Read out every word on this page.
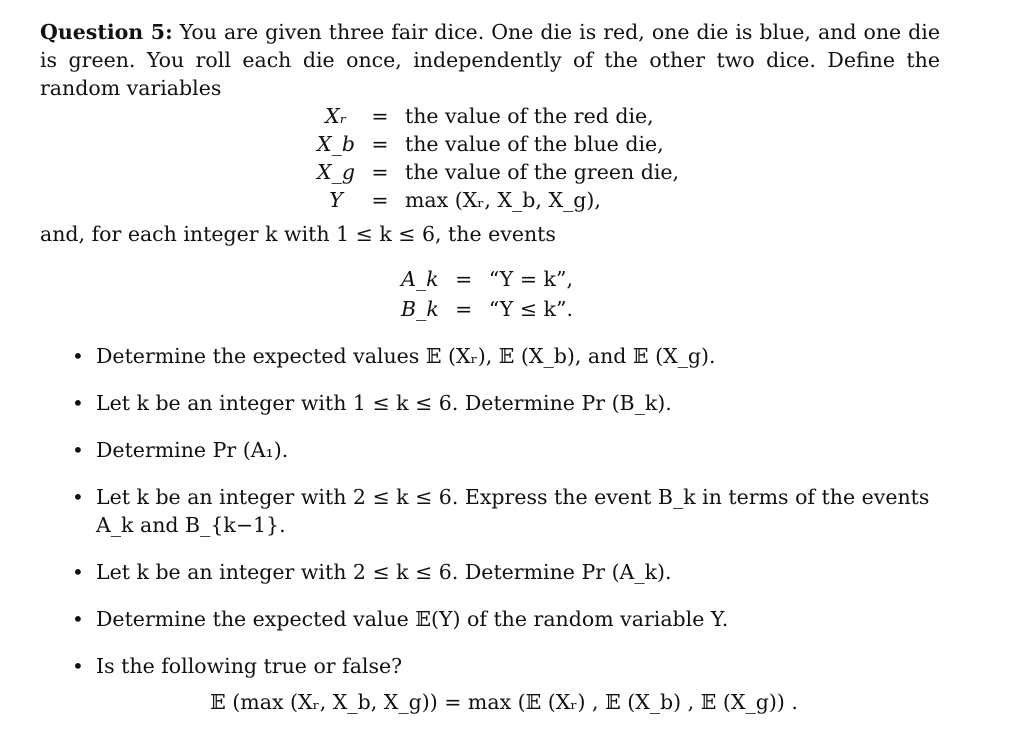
Question 5: You are given three fair dice. One die is red, one die is blue, and one die is green. You roll each die once, independently of the other two dice. Define the random variables

Xᵣ	=	the value of the red die,
X_b	=	the value of the blue die,
X_g	=	the value of the green die,
Y	=	max (Xᵣ, X_b, X_g),

and, for each integer k with 1 ≤ k ≤ 6, the events

A_k	=	“Y = k”,
B_k	=	“Y ≤ k”.
• Determine the expected values 𝔼 (Xᵣ), 𝔼 (X_b), and 𝔼 (X_g).
• Let k be an integer with 1 ≤ k ≤ 6. Determine Pr (B_k).
• Determine Pr (A₁).
• Let k be an integer with 2 ≤ k ≤ 6. Express the event B_k in terms of the events A_k and B_{k−1}.
• Let k be an integer with 2 ≤ k ≤ 6. Determine Pr (A_k).
• Determine the expected value 𝔼(Y) of the random variable Y.
• Is the following true or false?
𝔼 (max (Xᵣ, X_b, X_g)) = max (𝔼 (Xᵣ) , 𝔼 (X_b) , 𝔼 (X_g)) .
